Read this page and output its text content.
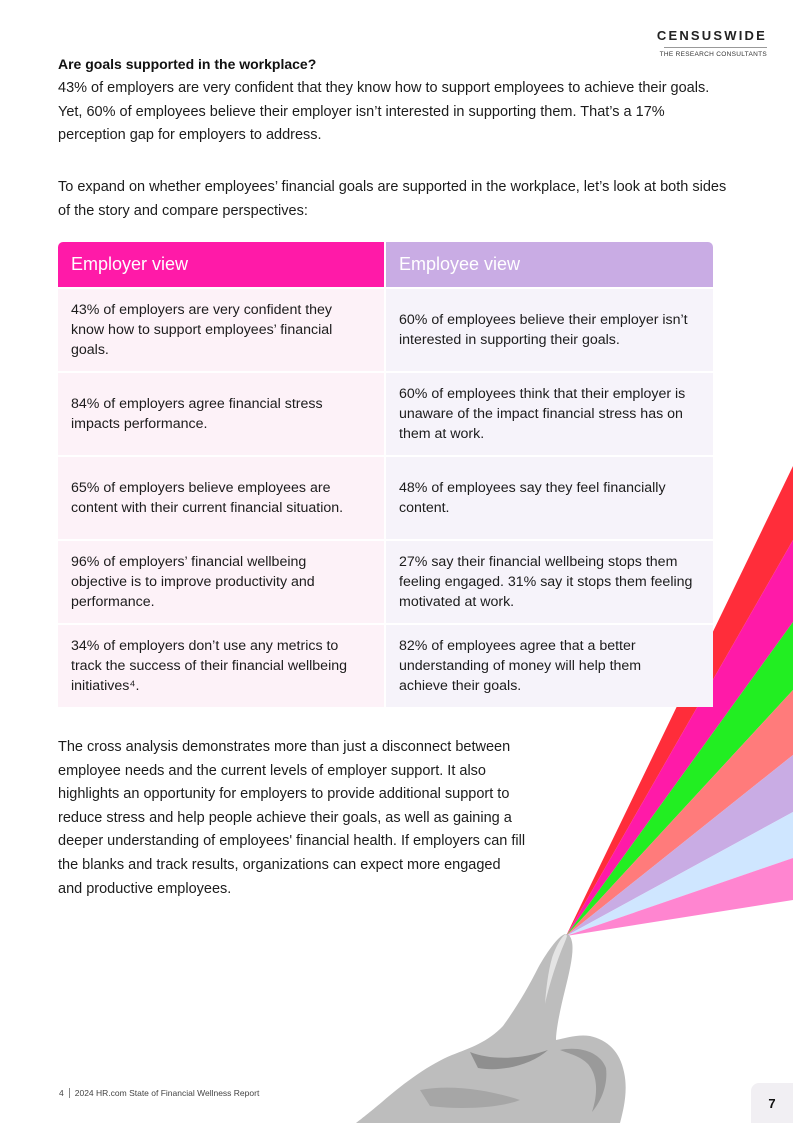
CENSUSWIDE
THE RESEARCH CONSULTANTS
Are goals supported in the workplace?

43% of employers are very confident that they know how to support employees to achieve their goals. Yet, 60% of employees believe their employer isn’t interested in supporting them. That’s a 17% perception gap for employers to address.

To expand on whether employees’ financial goals are supported in the workplace, let’s look at both sides of the story and compare perspectives:

Employer view	Employee view
43% of employers are very confident they know how to support employees’ financial goals.
60% of employees believe their employer isn’t interested in supporting their goals.
84% of employers agree financial stress impacts performance.
60% of employees think that their employer is unaware of the impact financial stress has on them at work.
65% of employers believe employees are content with their current financial situation.
48% of employees say they feel financially content.
96% of employers’ financial wellbeing objective is to improve productivity and performance.
27% say their financial wellbeing stops them feeling engaged. 31% say it stops them feeling motivated at work.
34% of employers don’t use any metrics to track the success of their financial wellbeing initiatives⁴.
82% of employees agree that a better understanding of money will help them achieve their goals.

The cross analysis demonstrates more than just a disconnect between employee needs and the current levels of employer support. It also highlights an opportunity for employers to provide additional support to reduce stress and help people achieve their goals, as well as gaining a deeper understanding of employees' financial health. If employers can fill the blanks and track results, organizations can expect more engaged and productive employees.

4	2024 HR.com State of Financial Wellness Report
7
